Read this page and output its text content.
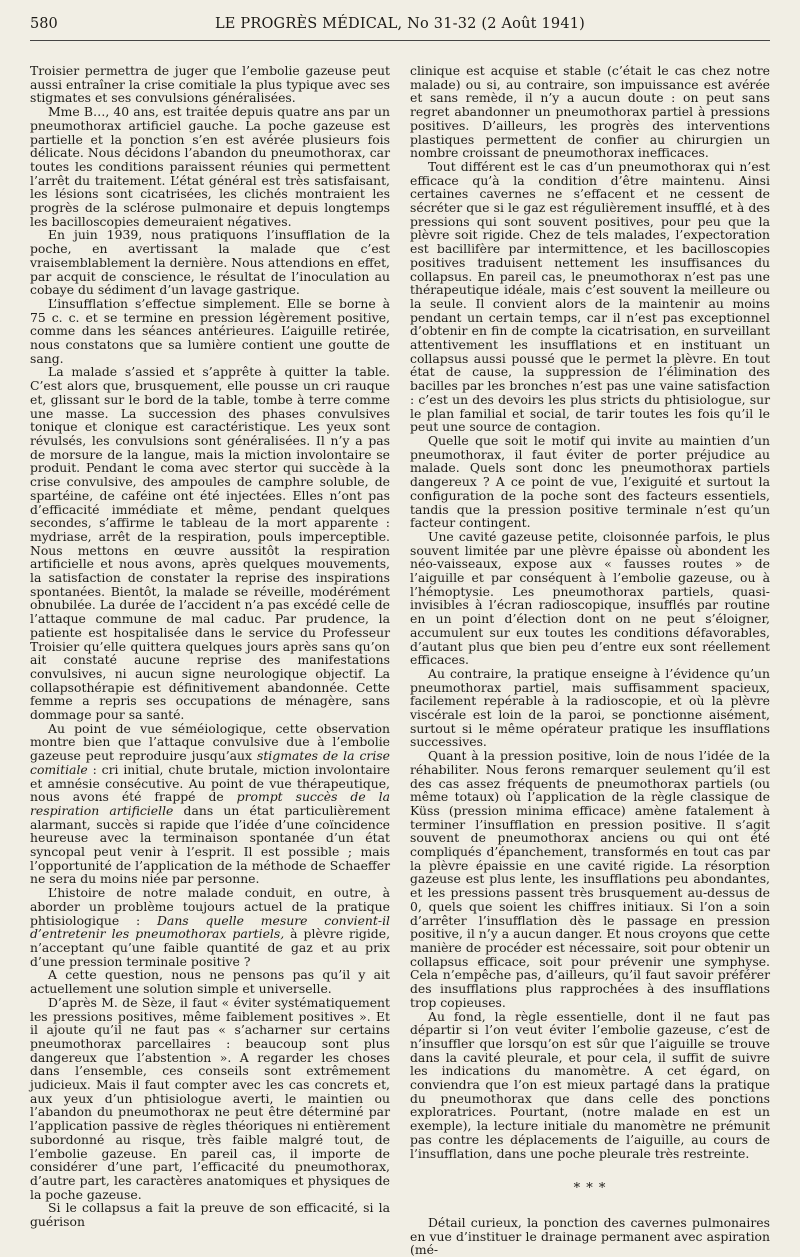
580	LE PROGRÈS MÉDICAL, No 31-32 (2 Août 1941)

Troisier permettra de juger que l’embolie gazeuse peut aussi entraîner la crise comitiale la plus typique avec ses stigmates et ses convulsions généralisées.

Mme B…, 40 ans, est traitée depuis quatre ans par un pneumothorax artificiel gauche. La poche gazeuse est partielle et la ponction s’en est avérée plusieurs fois délicate. Nous décidons l’abandon du pneumothorax, car toutes les conditions paraissent réunies qui permettent l’arrêt du traitement. L’état général est très satisfaisant, les lésions sont cicatrisées, les clichés montraient les progrès de la sclérose pulmonaire et depuis longtemps les bacilloscopies demeuraient négatives.

En juin 1939, nous pratiquons l’insufflation de la poche, en avertissant la malade que c’est vraisemblablement la dernière. Nous attendions en effet, par acquit de conscience, le résultat de l’inoculation au cobaye du sédiment d’un lavage gastrique.

L’insufflation s’effectue simplement. Elle se borne à 75 c. c. et se termine en pression légèrement positive, comme dans les séances antérieures. L’aiguille retirée, nous constatons que sa lumière contient une goutte de sang.

La malade s’assied et s’apprête à quitter la table. C’est alors que, brusquement, elle pousse un cri rauque et, glissant sur le bord de la table, tombe à terre comme une masse. La succession des phases convulsives tonique et clonique est caractéristique. Les yeux sont révulsés, les convulsions sont généralisées. Il n’y a pas de morsure de la langue, mais la miction involontaire se produit. Pendant le coma avec stertor qui succède à la crise convulsive, des ampoules de camphre soluble, de spartéine, de caféine ont été injectées. Elles n’ont pas d’efficacité immédiate et même, pendant quelques secondes, s’affirme le tableau de la mort apparente : mydriase, arrêt de la respiration, pouls imperceptible. Nous mettons en œuvre aussitôt la respiration artificielle et nous avons, après quelques mouvements, la satisfaction de constater la reprise des inspirations spontanées. Bientôt, la malade se réveille, modérément obnubilée. La durée de l’accident n’a pas excédé celle de l’attaque commune de mal caduc. Par prudence, la patiente est hospitalisée dans le service du Professeur Troisier qu’elle quittera quelques jours après sans qu’on ait constaté aucune reprise des manifestations convulsives, ni aucun signe neurologique objectif. La collapsothérapie est définitivement abandonnée. Cette femme a repris ses occupations de ménagère, sans dommage pour sa santé.

Au point de vue séméiologique, cette observation montre bien que l’attaque convulsive due à l’embolie gazeuse peut reproduire jusqu’aux stigmates de la crise comitiale : cri initial, chute brutale, miction involontaire et amnésie consécutive. Au point de vue thérapeutique, nous avons été frappé de prompt succès de la respiration artificielle dans un état particulièrement alarmant, succès si rapide que l’idée d’une coïncidence heureuse avec la terminaison spontanée d’un état syncopal peut venir à l’esprit. Il est possible ; mais l’opportunité de l’application de la méthode de Schaeffer ne sera du moins niée par personne.

L’histoire de notre malade conduit, en outre, à aborder un problème toujours actuel de la pratique phtisiologique : Dans quelle mesure convient-il d’entretenir les pneumothorax partiels, à plèvre rigide, n’acceptant qu’une faible quantité de gaz et au prix d’une pression terminale positive ?

A cette question, nous ne pensons pas qu’il y ait actuellement une solution simple et universelle.

D’après M. de Sèze, il faut « éviter systématiquement les pressions positives, même faiblement positives ». Et il ajoute qu’il ne faut pas « s’acharner sur certains pneumothorax parcellaires : beaucoup sont plus dangereux que l’abstention ». A regarder les choses dans l’ensemble, ces conseils sont extrêmement judicieux. Mais il faut compter avec les cas concrets et, aux yeux d’un phtisiologue averti, le maintien ou l’abandon du pneumothorax ne peut être déterminé par l’application passive de règles théoriques ni entièrement subordonné au risque, très faible malgré tout, de l’embolie gazeuse. En pareil cas, il importe de considérer d’une part, l’efficacité du pneumothorax, d’autre part, les caractères anatomiques et physiques de la poche gazeuse.

Si le collapsus a fait la preuve de son efficacité, si la guérison

clinique est acquise et stable (c’était le cas chez notre malade) ou si, au contraire, son impuissance est avérée et sans remède, il n’y a aucun doute : on peut sans regret abandonner un pneumothorax partiel à pressions positives. D’ailleurs, les progrès des interventions plastiques permettent de confier au chirurgien un nombre croissant de pneumothorax inefficaces.

Tout différent est le cas d’un pneumothorax qui n’est efficace qu’à la condition d’être maintenu. Ainsi certaines cavernes ne s’effacent et ne cessent de sécréter que si le gaz est régulièrement insufflé, et à des pressions qui sont souvent positives, pour peu que la plèvre soit rigide. Chez de tels malades, l’expectoration est bacillifère par intermittence, et les bacilloscopies positives traduisent nettement les insuffisances du collapsus. En pareil cas, le pneumothorax n’est pas une thérapeutique idéale, mais c’est souvent la meilleure ou la seule. Il convient alors de la maintenir au moins pendant un certain temps, car il n’est pas exceptionnel d’obtenir en fin de compte la cicatrisation, en surveillant attentivement les insufflations et en instituant un collapsus aussi poussé que le permet la plèvre. En tout état de cause, la suppression de l’élimination des bacilles par les bronches n’est pas une vaine satisfaction : c’est un des devoirs les plus stricts du phtisiologue, sur le plan familial et social, de tarir toutes les fois qu’il le peut une source de contagion.

Quelle que soit le motif qui invite au maintien d’un pneumothorax, il faut éviter de porter préjudice au malade. Quels sont donc les pneumothorax partiels dangereux ? A ce point de vue, l’exiguité et surtout la configuration de la poche sont des facteurs essentiels, tandis que la pression positive terminale n’est qu’un facteur contingent.

Une cavité gazeuse petite, cloisonnée parfois, le plus souvent limitée par une plèvre épaisse où abondent les néo-vaisseaux, expose aux « fausses routes » de l’aiguille et par conséquent à l’embolie gazeuse, ou à l’hémoptysie. Les pneumothorax partiels, quasi-invisibles à l’écran radioscopique, insufflés par routine en un point d’élection dont on ne peut s’éloigner, accumulent sur eux toutes les conditions défavorables, d’autant plus que bien peu d’entre eux sont réellement efficaces.

Au contraire, la pratique enseigne à l’évidence qu’un pneumothorax partiel, mais suffisamment spacieux, facilement repérable à la radioscopie, et où la plèvre viscérale est loin de la paroi, se ponctionne aisément, surtout si le même opérateur pratique les insufflations successives.

Quant à la pression positive, loin de nous l’idée de la réhabiliter. Nous ferons remarquer seulement qu’il est des cas assez fréquents de pneumothorax partiels (ou même totaux) où l’application de la règle classique de Küss (pression minima efficace) amène fatalement à terminer l’insufflation en pression positive. Il s’agit souvent de pneumothorax anciens ou qui ont été compliqués d’épanchement, transformés en tout cas par la plèvre épaissie en une cavité rigide. La résorption gazeuse est plus lente, les insufflations peu abondantes, et les pressions passent très brusquement au-dessus de 0, quels que soient les chiffres initiaux. Si l’on a soin d’arrêter l’insufflation dès le passage en pression positive, il n’y a aucun danger. Et nous croyons que cette manière de procéder est nécessaire, soit pour obtenir un collapsus efficace, soit pour prévenir une symphyse. Cela n’empêche pas, d’ailleurs, qu’il faut savoir préférer des insufflations plus rapprochées à des insufflations trop copieuses.

Au fond, la règle essentielle, dont il ne faut pas départir si l’on veut éviter l’embolie gazeuse, c’est de n’insuffler que lorsqu’on est sûr que l’aiguille se trouve dans la cavité pleurale, et pour cela, il suffit de suivre les indications du manomètre. A cet égard, on conviendra que l’on est mieux partagé dans la pratique du pneumothorax que dans celle des ponctions exploratrices. Pourtant, (notre malade en est un exemple), la lecture initiale du manomètre ne prémunit pas contre les déplacements de l’aiguille, au cours de l’insufflation, dans une poche pleurale très restreinte.

* * *

Détail curieux, la ponction des cavernes pulmonaires en vue d’instituer le drainage permanent avec aspiration (mé-
